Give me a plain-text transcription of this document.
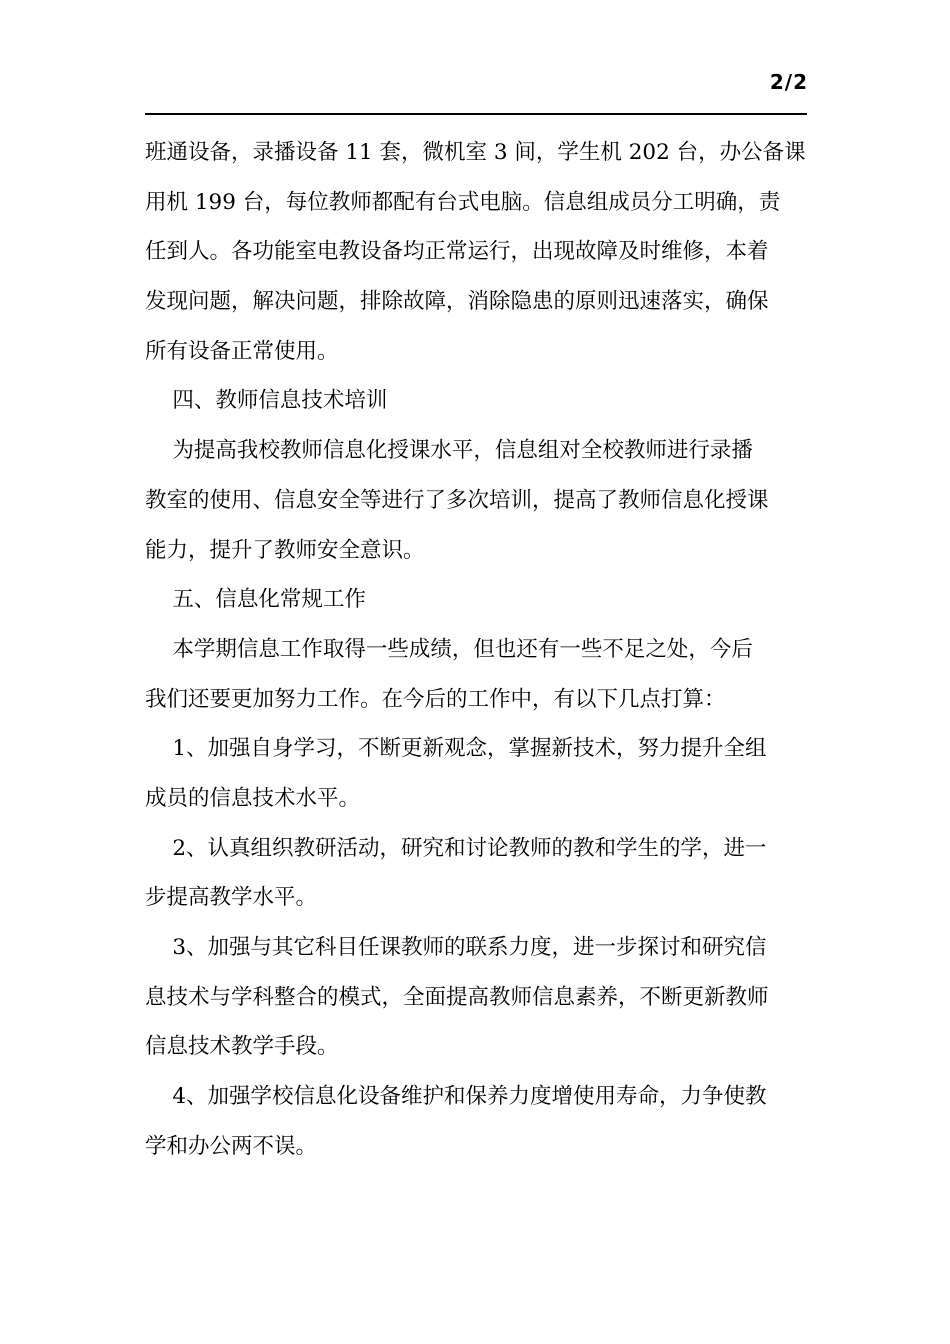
2/2
班通设备，录播设备 11 套，微机室 3 间，学生机 202 台，办公备课
用机 199 台，每位教师都配有台式电脑。信息组成员分工明确，责
任到人。各功能室电教设备均正常运行，出现故障及时维修，本着
发现问题，解决问题，排除故障，消除隐患的原则迅速落实，确保
所有设备正常使用。
四、教师信息技术培训
为提高我校教师信息化授课水平，信息组对全校教师进行录播
教室的使用、信息安全等进行了多次培训，提高了教师信息化授课
能力，提升了教师安全意识。
五、信息化常规工作
本学期信息工作取得一些成绩，但也还有一些不足之处，今后
我们还要更加努力工作。在今后的工作中，有以下几点打算：
1、加强自身学习，不断更新观念，掌握新技术，努力提升全组
成员的信息技术水平。
2、认真组织教研活动，研究和讨论教师的教和学生的学，进一
步提高教学水平。
3、加强与其它科目任课教师的联系力度，进一步探讨和研究信
息技术与学科整合的模式，全面提高教师信息素养，不断更新教师
信息技术教学手段。
4、加强学校信息化设备维护和保养力度增使用寿命，力争使教
学和办公两不误。
